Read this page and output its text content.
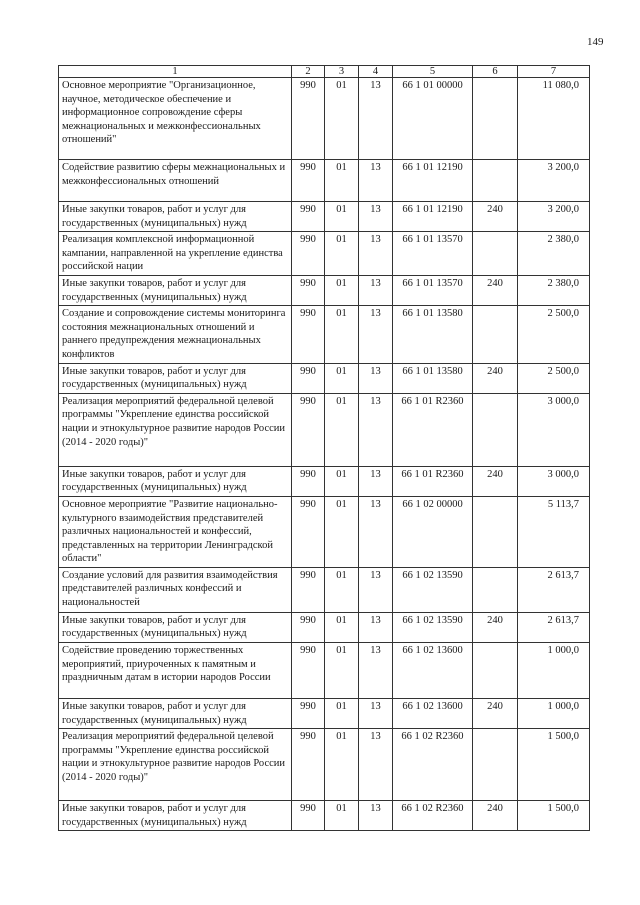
149
1	2	3	4	5	6	7
Основное мероприятие "Организационное, научное, методическое обеспечение и информационное сопровождение сферы межнациональных и межконфессиональных отношений"	990	01	13	66 1 01 00000		11 080,0
Содействие развитию сферы межнациональных и межконфессиональных отношений	990	01	13	66 1 01 12190		3 200,0
Иные закупки товаров, работ и услуг для государственных (муниципальных) нужд	990	01	13	66 1 01 12190	240	3 200,0
Реализация комплексной информационной кампании, направленной на укрепление единства российской нации	990	01	13	66 1 01 13570		2 380,0
Иные закупки товаров, работ и услуг для государственных (муниципальных) нужд	990	01	13	66 1 01 13570	240	2 380,0
Создание и сопровождение системы мониторинга состояния межнациональных отношений и раннего предупреждения межнациональных конфликтов	990	01	13	66 1 01 13580		2 500,0
Иные закупки товаров, работ и услуг для государственных (муниципальных) нужд	990	01	13	66 1 01 13580	240	2 500,0
Реализация мероприятий федеральной целевой программы "Укрепление единства российской нации и этнокультурное развитие народов России (2014 - 2020 годы)"	990	01	13	66 1 01 R2360		3 000,0
Иные закупки товаров, работ и услуг для государственных (муниципальных) нужд	990	01	13	66 1 01 R2360	240	3 000,0
Основное мероприятие "Развитие национально-культурного взаимодействия представителей различных национальностей и конфессий, представленных на территории Ленинградской области"	990	01	13	66 1 02 00000		5 113,7
Создание условий для развития взаимодействия представителей различных конфессий и национальностей	990	01	13	66 1 02 13590		2 613,7
Иные закупки товаров, работ и услуг для государственных (муниципальных) нужд	990	01	13	66 1 02 13590	240	2 613,7
Содействие проведению торжественных мероприятий, приуроченных к памятным и праздничным датам в истории народов России	990	01	13	66 1 02 13600		1 000,0
Иные закупки товаров, работ и услуг для государственных (муниципальных) нужд	990	01	13	66 1 02 13600	240	1 000,0
Реализация мероприятий федеральной целевой программы "Укрепление единства российской нации и этнокультурное развитие народов России (2014 - 2020 годы)"	990	01	13	66 1 02 R2360		1 500,0
Иные закупки товаров, работ и услуг для государственных (муниципальных) нужд	990	01	13	66 1 02 R2360	240	1 500,0
